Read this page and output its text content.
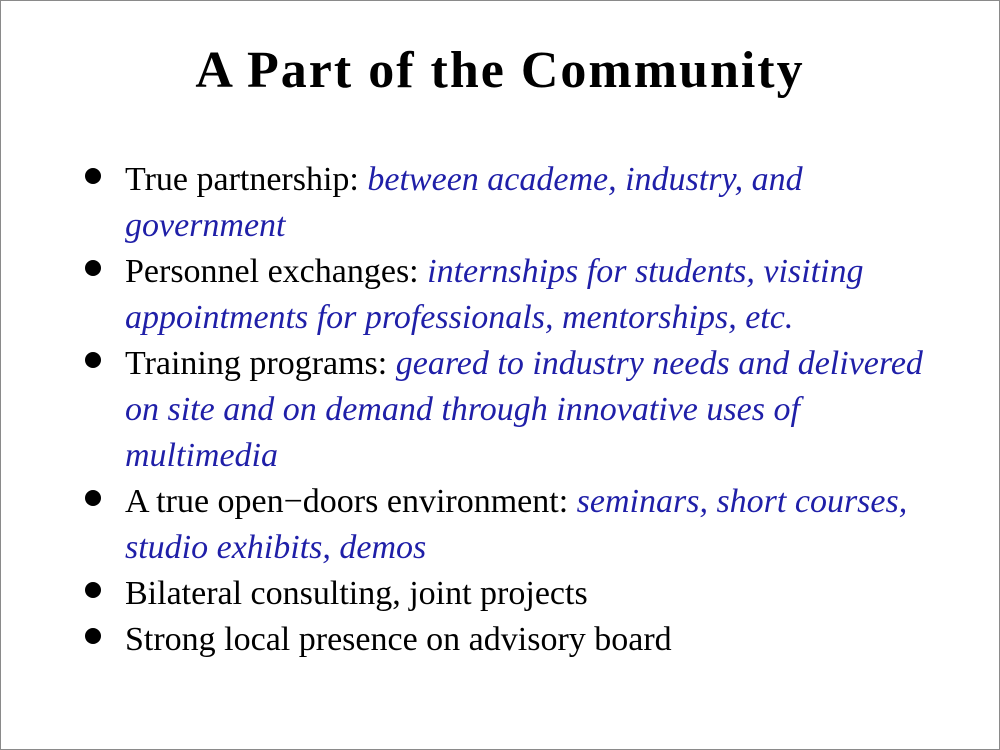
A Part of the Community
True partnership: between academe, industry, and government
Personnel exchanges: internships for students, visiting appointments for professionals, mentorships, etc.
Training programs: geared to industry needs and delivered on site and on demand through innovative uses of multimedia
A true open−doors environment: seminars, short courses, studio exhibits, demos
Bilateral consulting, joint projects
Strong local presence on advisory board
